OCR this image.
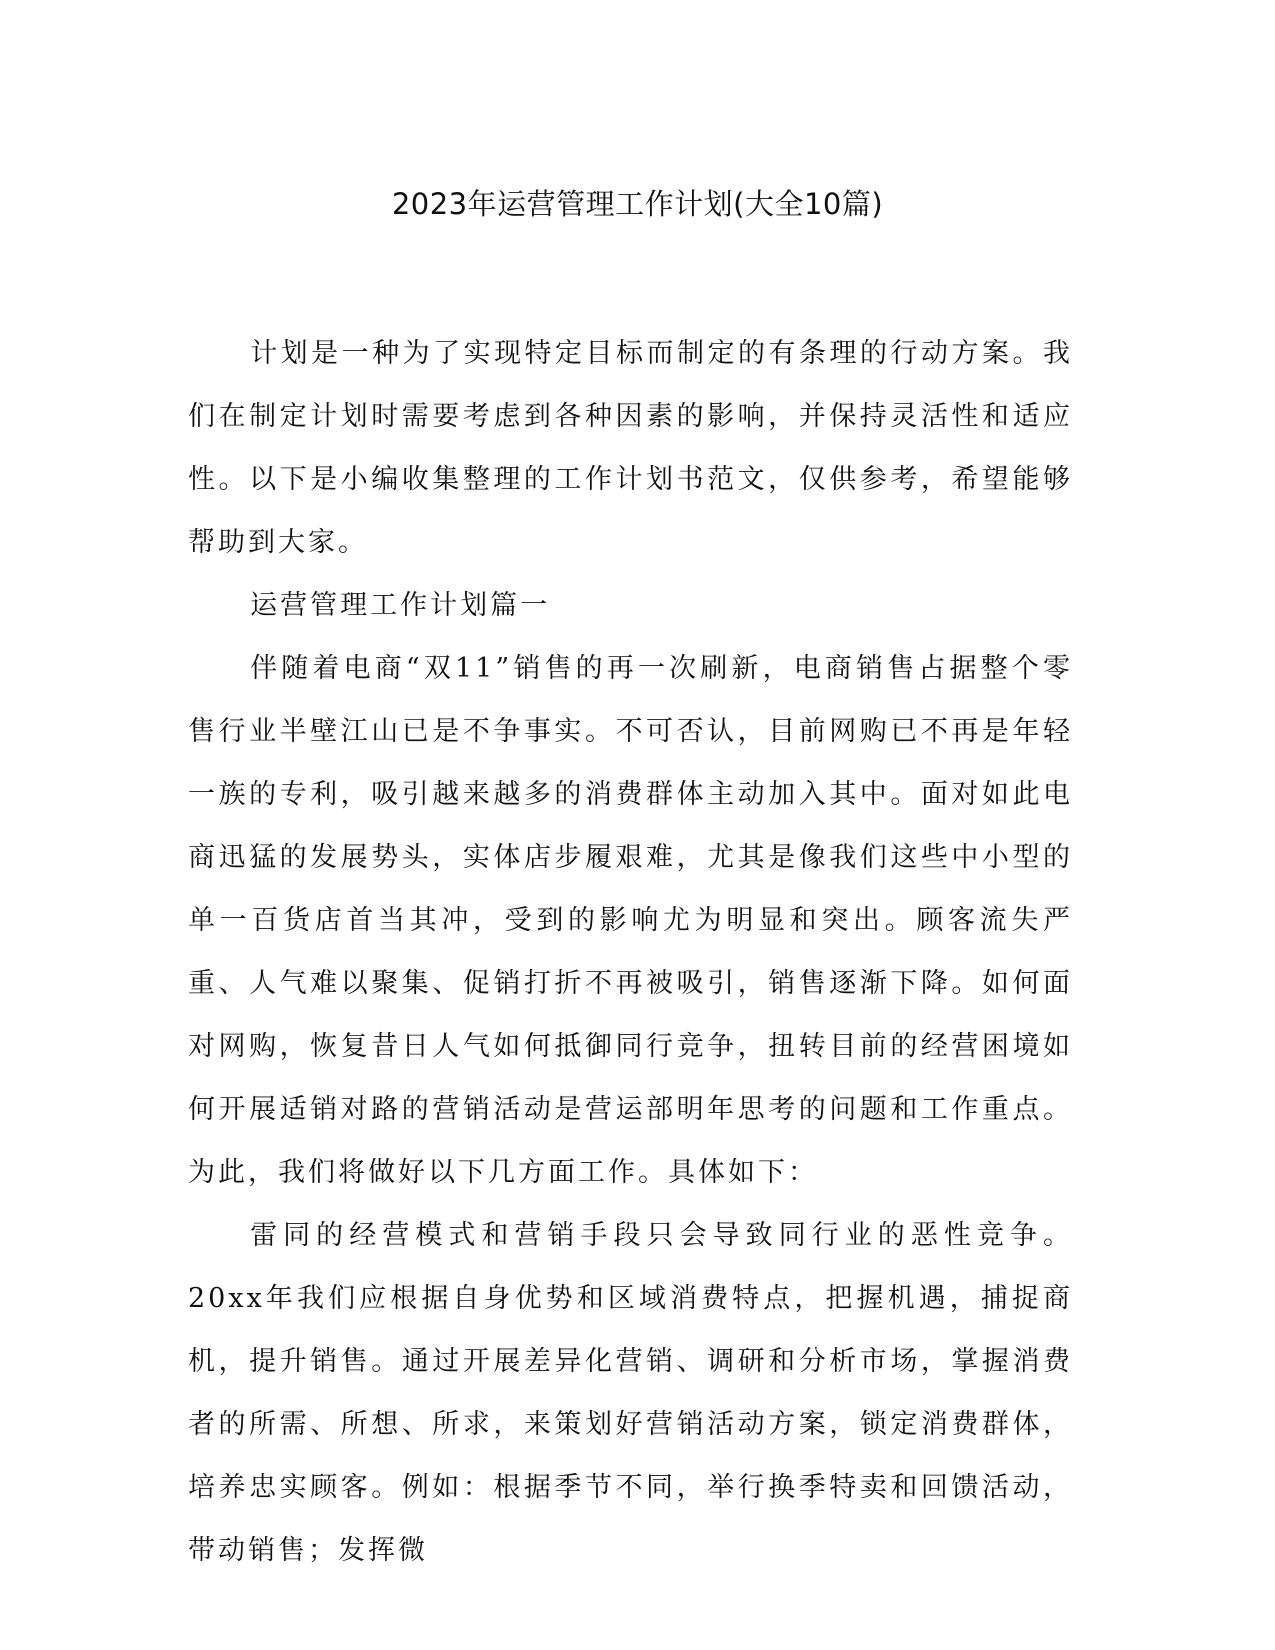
2023年运营管理工作计划(大全10篇)

计划是一种为了实现特定目标而制定的有条理的行动方案。我们在制定计划时需要考虑到各种因素的影响，并保持灵活性和适应性。以下是小编收集整理的工作计划书范文，仅供参考，希望能够帮助到大家。

运营管理工作计划篇一

伴随着电商“双11”销售的再一次刷新，电商销售占据整个零售行业半壁江山已是不争事实。不可否认，目前网购已不再是年轻一族的专利，吸引越来越多的消费群体主动加入其中。面对如此电商迅猛的发展势头，实体店步履艰难，尤其是像我们这些中小型的单一百货店首当其冲，受到的影响尤为明显和突出。顾客流失严重、人气难以聚集、促销打折不再被吸引，销售逐渐下降。如何面对网购，恢复昔日人气如何抵御同行竞争，扭转目前的经营困境如何开展适销对路的营销活动是营运部明年思考的问题和工作重点。为此，我们将做好以下几方面工作。具体如下：

雷同的经营模式和营销手段只会导致同行业的恶性竞争。20xx年我们应根据自身优势和区域消费特点，把握机遇，捕捉商机，提升销售。通过开展差异化营销、调研和分析市场，掌握消费者的所需、所想、所求，来策划好营销活动方案，锁定消费群体，培养忠实顾客。例如：根据季节不同，举行换季特卖和回馈活动，带动销售；发挥微
